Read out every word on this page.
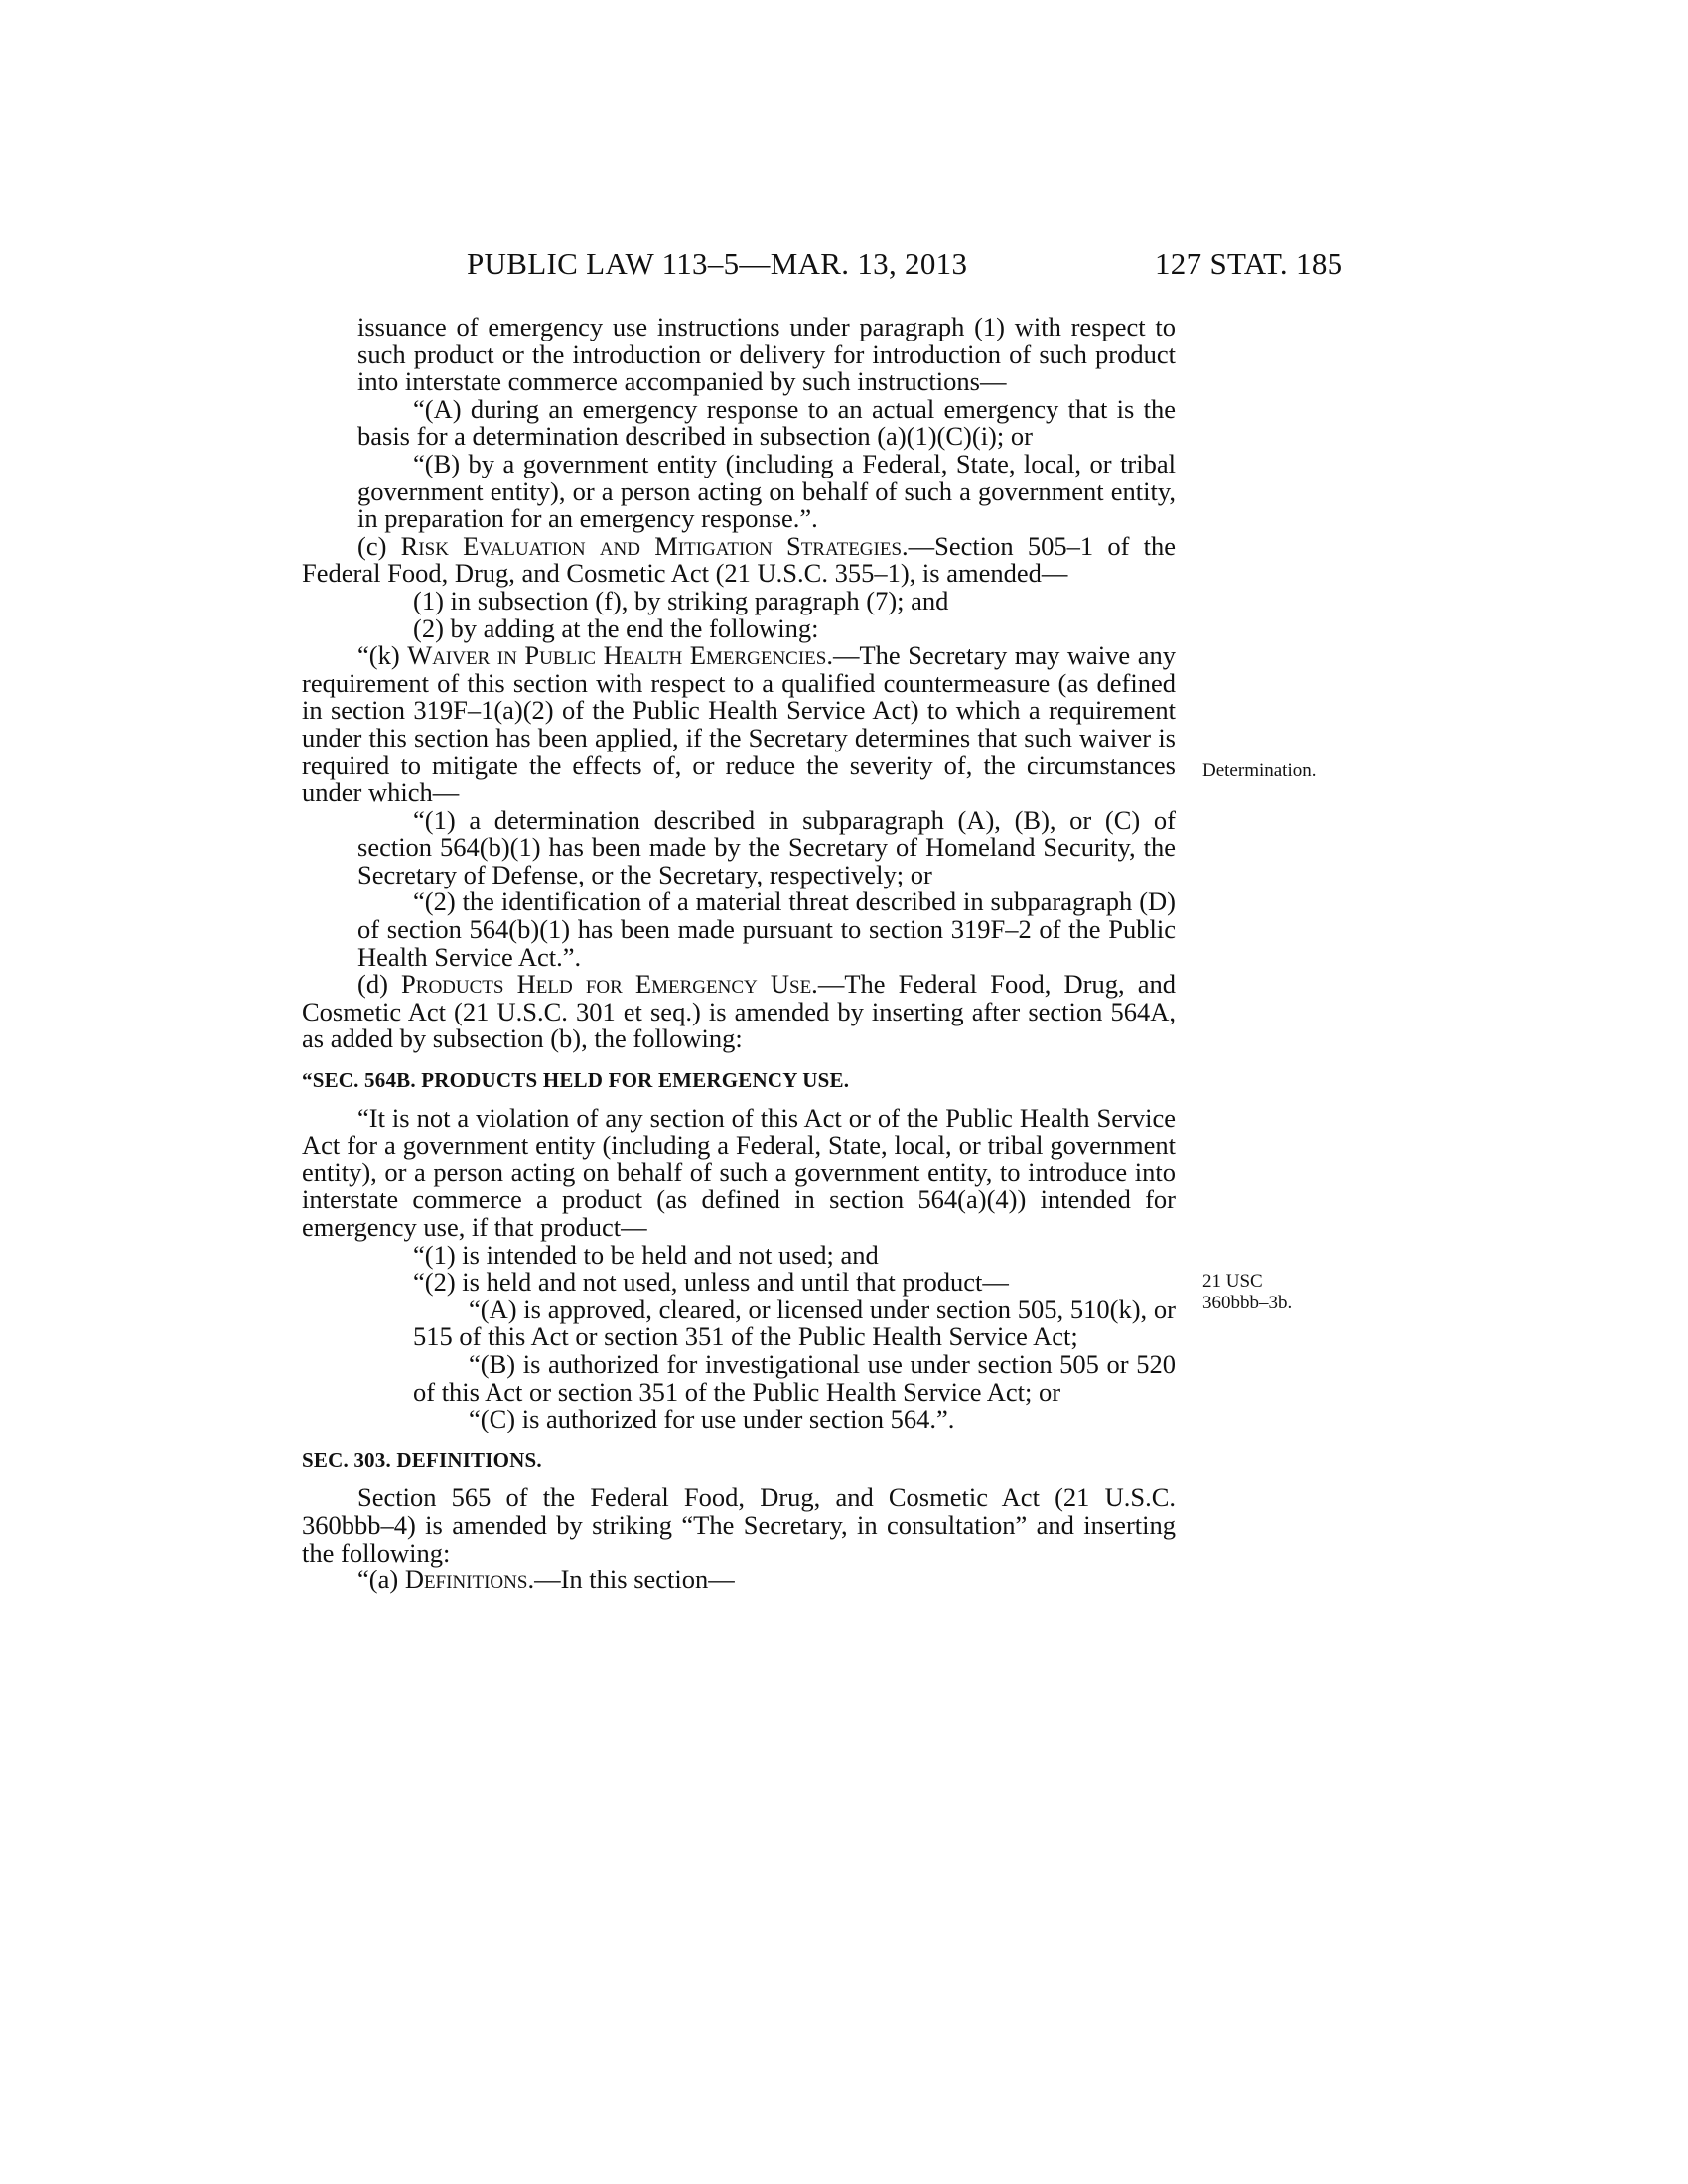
PUBLIC LAW 113–5—MAR. 13, 2013	127 STAT. 185
Determination.
21 USC
360bbb–3b.

issuance of emergency use instructions under paragraph (1) with respect to such product or the introduction or delivery for introduction of such product into interstate commerce accompanied by such instructions—

“(A) during an emergency response to an actual emergency that is the basis for a determination described in subsection (a)(1)(C)(i); or

“(B) by a government entity (including a Federal, State, local, or tribal government entity), or a person acting on behalf of such a government entity, in preparation for an emergency response.”.

(c) Risk Evaluation and Mitigation Strategies.—Section 505–1 of the Federal Food, Drug, and Cosmetic Act (21 U.S.C. 355–1), is amended—

(1) in subsection (f), by striking paragraph (7); and

(2) by adding at the end the following:

“(k) Waiver in Public Health Emergencies.—The Secretary may waive any requirement of this section with respect to a qualified countermeasure (as defined in section 319F–1(a)(2) of the Public Health Service Act) to which a requirement under this section has been applied, if the Secretary determines that such waiver is required to mitigate the effects of, or reduce the severity of, the circumstances under which—

“(1) a determination described in subparagraph (A), (B), or (C) of section 564(b)(1) has been made by the Secretary of Homeland Security, the Secretary of Defense, or the Secretary, respectively; or

“(2) the identification of a material threat described in subparagraph (D) of section 564(b)(1) has been made pursuant to section 319F–2 of the Public Health Service Act.”.

(d) Products Held for Emergency Use.—The Federal Food, Drug, and Cosmetic Act (21 U.S.C. 301 et seq.) is amended by inserting after section 564A, as added by subsection (b), the following:

“SEC. 564B. PRODUCTS HELD FOR EMERGENCY USE.

“It is not a violation of any section of this Act or of the Public Health Service Act for a government entity (including a Federal, State, local, or tribal government entity), or a person acting on behalf of such a government entity, to introduce into interstate commerce a product (as defined in section 564(a)(4)) intended for emergency use, if that product—

“(1) is intended to be held and not used; and

“(2) is held and not used, unless and until that product—

“(A) is approved, cleared, or licensed under section 505, 510(k), or 515 of this Act or section 351 of the Public Health Service Act;

“(B) is authorized for investigational use under section 505 or 520 of this Act or section 351 of the Public Health Service Act; or

“(C) is authorized for use under section 564.”.

SEC. 303. DEFINITIONS.

Section 565 of the Federal Food, Drug, and Cosmetic Act (21 U.S.C. 360bbb–4) is amended by striking “The Secretary, in consultation” and inserting the following:

“(a) Definitions.—In this section—
